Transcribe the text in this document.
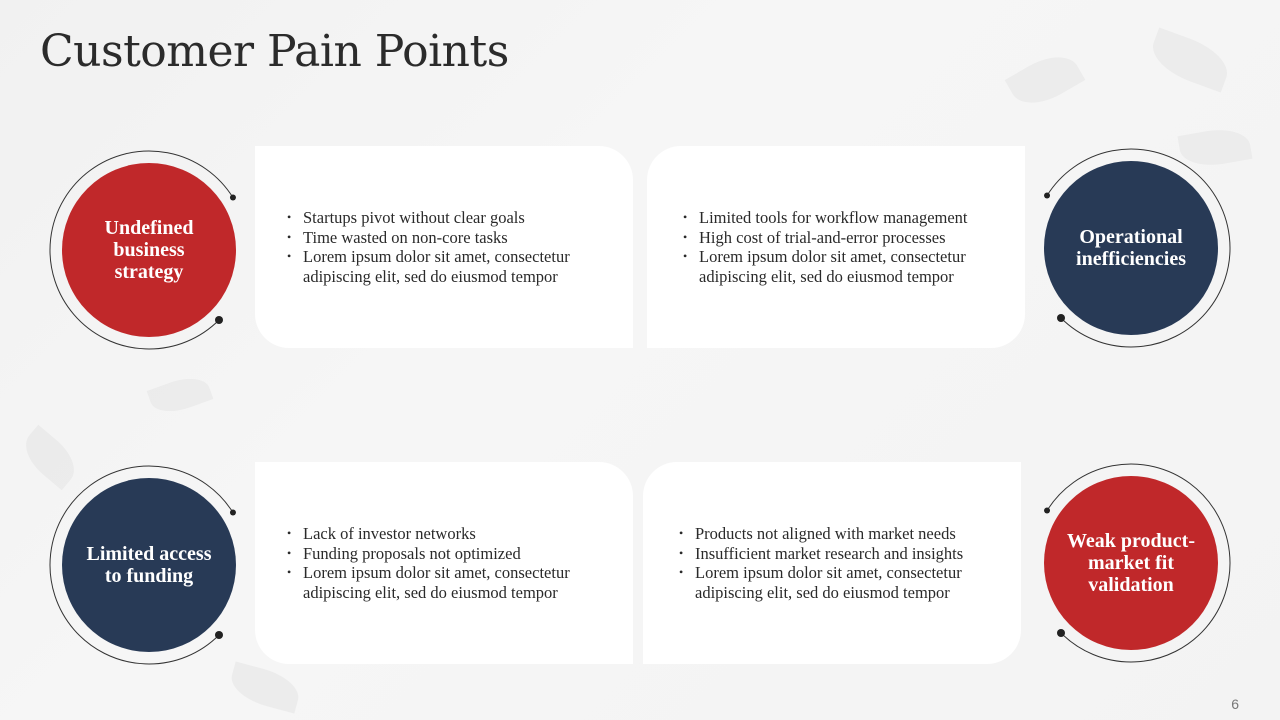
Customer Pain Points
• Startups pivot without clear goals
• Time wasted on non-core tasks
• Lorem ipsum dolor sit amet, consectetur adipiscing elit, sed do eiusmod tempor
• Limited tools for workflow management
• High cost of trial-and-error processes
• Lorem ipsum dolor sit amet, consectetur adipiscing elit, sed do eiusmod tempor
• Lack of investor networks
• Funding proposals not optimized
• Lorem ipsum dolor sit amet, consectetur adipiscing elit, sed do eiusmod tempor
• Products not aligned with market needs
• Insufficient market research and insights
• Lorem ipsum dolor sit amet, consectetur adipiscing elit, sed do eiusmod tempor
Undefined business strategy
Operational inefficiencies
Limited access to funding
Weak product-market fit validation
6
